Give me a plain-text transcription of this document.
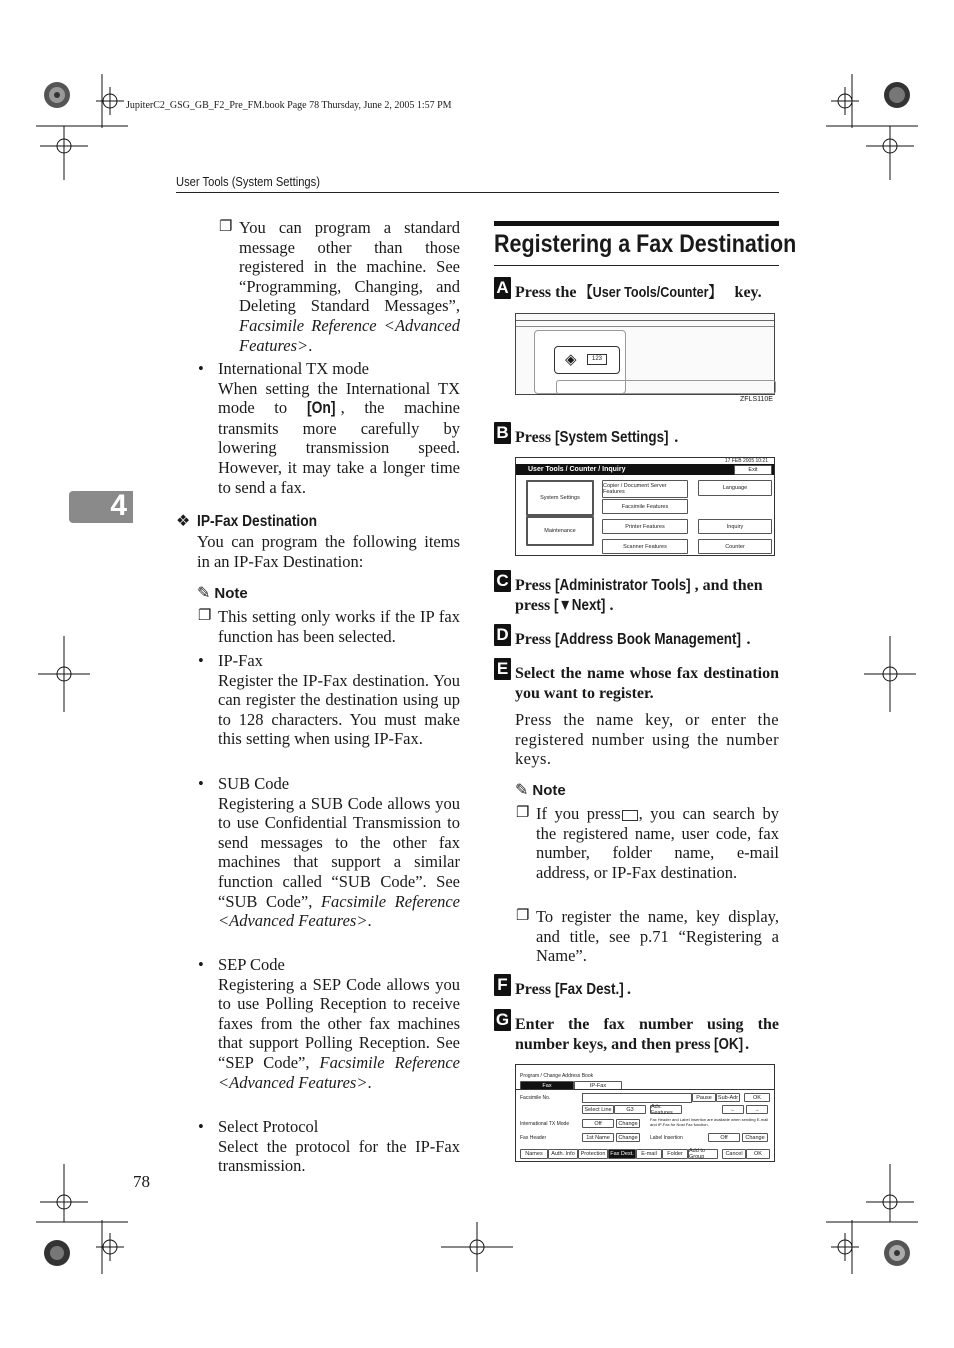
JupiterC2_GSG_GB_F2_Pre_FM.book Page 78 Thursday, June 2, 2005 1:57 PM
User Tools (System Settings)
4
❐ You can program a standard message other than those registered in the machine. See “Programming, Changing, and Deleting Standard Messages”, Facsimile Reference <Advanced Features>.
• International TX mode
When setting the International TX mode to [On] , the machine transmits more carefully by lowering transmission speed. However, it may take a longer time to send a fax.
❖ IP-Fax Destination
You can program the following items in an IP-Fax Destination:
✎ Note
❐ This setting only works if the IP fax function has been selected.
• IP-Fax
Register the IP-Fax destination. You can register the destination using up to 128 characters. You must make this setting when using IP-Fax.
• SUB Code
Registering a SUB Code allows you to use Confidential Transmission to send messages to the other fax machines that support a similar function called “SUB Code”. See “SUB Code”, Facsimile Reference <Advanced Features>.
• SEP Code
Registering a SEP Code allows you to use Polling Reception to receive faxes from the other fax machines that support Polling Reception. See “SEP Code”, Facsimile Reference <Advanced Features>.
• Select Protocol
Select the protocol for the IP-Fax transmission.
78
Registering a Fax Destination
A Press the 【User Tools/Counter】 key.
◈	123
ZFLS110E
B Press [System Settings] .
17 FEB 2005 10:21
User Tools / Counter / Inquiry	Exit
System Settings
Maintenance
Copier / Document Server Features
Facsimile Features
Printer Features
Scanner Features
Language
Inquiry
Counter
C Press [Administrator Tools] , and then press [▼Next] .
D Press [Address Book Management] .
E Select the name whose fax destination you want to register.
Press the name key, or enter the registered number using the number keys.
✎ Note
❐ If you press , you can search by the registered name, user code, fax number, folder name, e-mail address, or IP-Fax destination.
❐ To register the name, key display, and title, see p.71 “Registering a Name”.
F Press [Fax Dest.] .
G Enter the fax number using the number keys, and then press [OK].
Program / Change Address Book
Fax	IP-Fax
Facsimile No.	Pause	Sub-Adr	OK
Select Line	G3	Adv. Features	←	→
International TX Mode	Off	Change
Fax Header and Label Insertion are available when sending E-mail and IP-Fax for Nost Fax function.
Fax Header	1st Name	Change	Label Insertion	Off	Change
Names	Auth. Info	Protection Fax Dest.	E-mail	Folder	Add to Group	Cancel	OK
